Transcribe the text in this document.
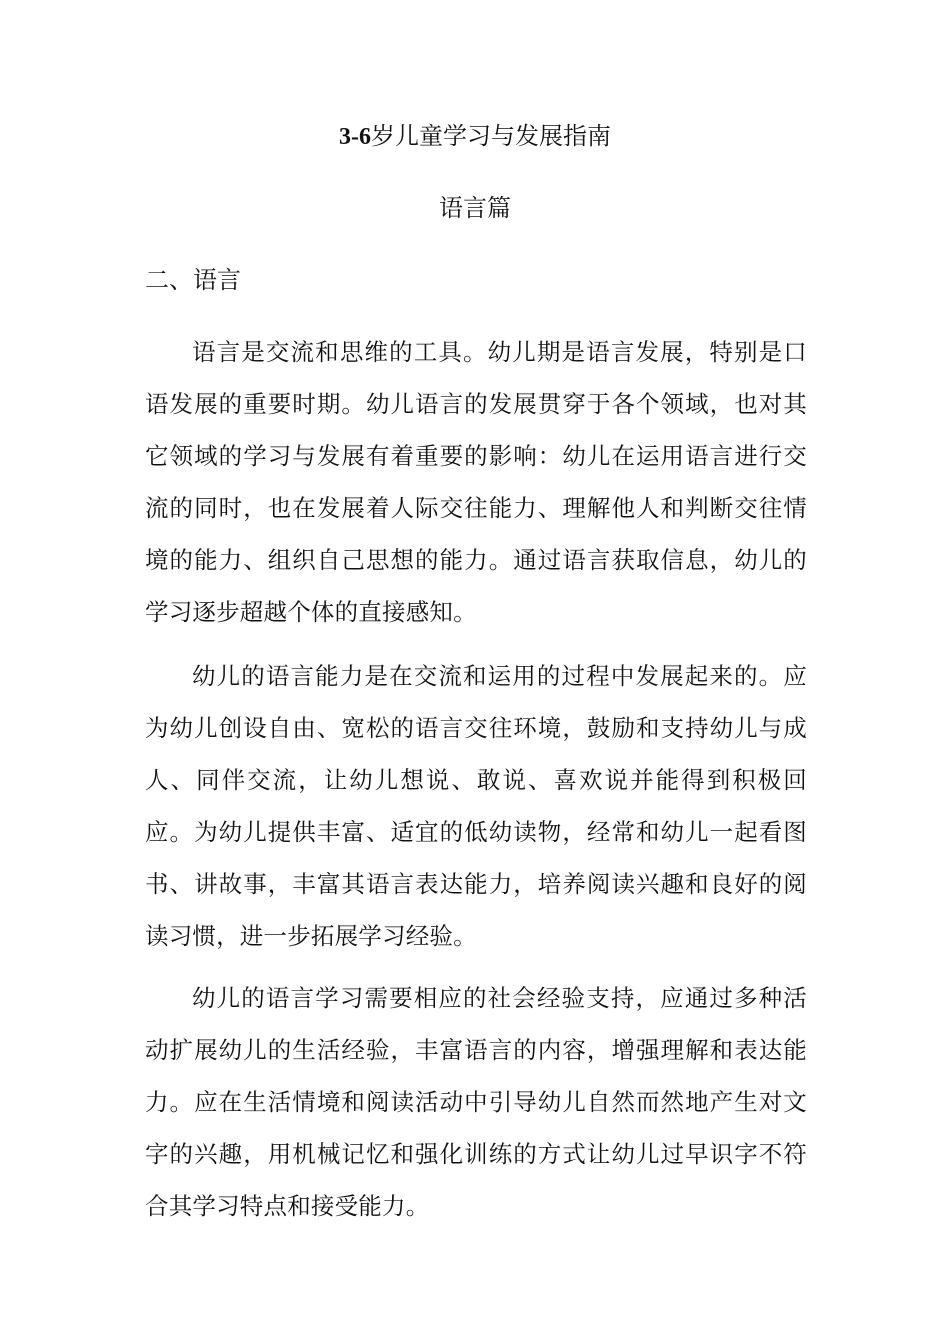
3-6岁儿童学习与发展指南
语言篇
二、语言

语言是交流和思维的工具。幼儿期是语言发展，特别是口语发展的重要时期。幼儿语言的发展贯穿于各个领域，也对其它领域的学习与发展有着重要的影响：幼儿在运用语言进行交流的同时，也在发展着人际交往能力、理解他人和判断交往情境的能力、组织自己思想的能力。通过语言获取信息，幼儿的学习逐步超越个体的直接感知。

幼儿的语言能力是在交流和运用的过程中发展起来的。应为幼儿创设自由、宽松的语言交往环境，鼓励和支持幼儿与成人、同伴交流，让幼儿想说、敢说、喜欢说并能得到积极回应。为幼儿提供丰富、适宜的低幼读物，经常和幼儿一起看图书、讲故事，丰富其语言表达能力，培养阅读兴趣和良好的阅读习惯，进一步拓展学习经验。

幼儿的语言学习需要相应的社会经验支持，应通过多种活动扩展幼儿的生活经验，丰富语言的内容，增强理解和表达能力。应在生活情境和阅读活动中引导幼儿自然而然地产生对文字的兴趣，用机械记忆和强化训练的方式让幼儿过早识字不符合其学习特点和接受能力。
